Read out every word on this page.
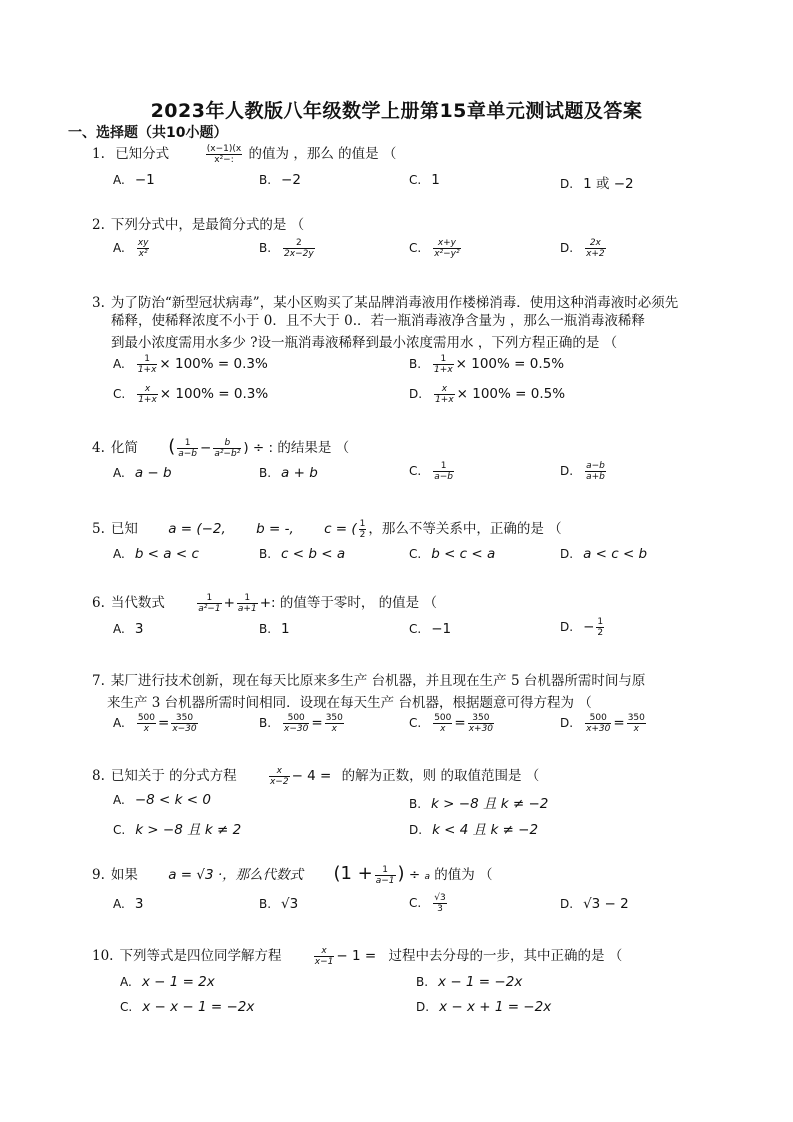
2023年人教版八年级数学上册第15章单元测试题及答案
一、选择题（共10小题）
1. 已知分式	$\frac{(x-1)(x}{\text{x²−:}}$ 的值为 ，那么 的值是 （
A. −1	B. −2	C. 1	D. 1 或 −2
2. 下列分式中，是最简分式的是 （
A. $\frac{xy}{\text{x²}}$	B. $\frac{2}{2x-2y}$	C. $\frac{x+y}{\text{x²−y²}}$	D. $\frac{2x}{x+2}$
3. 为了防治“新型冠状病毒”，某小区购买了某品牌消毒液用作楼梯消毒．使用这种消毒液时必须先
稀释，使稀释浓度不小于 0．且不大于 0.．若一瓶消毒液净含量为 ，那么一瓶消毒液稀释
到最小浓度需用水多少 ?设一瓶消毒液稀释到最小浓度需用水 ，下列方程正确的是 （
A. $\frac{1}{1+x} \times 100\% = 0.3\%$	B. $\frac{1}{1+x} \times 100\% = 0.5\%$
C. $\frac{x}{1+x} \times 100\% = 0.3\%$	D. $\frac{x}{1+x} \times 100\% = 0.5\%$
4. 化简 ( $\frac{1}{a-b} - \frac{b}{\text{a²−b²}}$ ) ÷ : 的结果是 （
A. a − b	B. a + b	C. $\frac{1}{a-b}$	D. $\frac{a-b}{a+b}$
5. 已知 a = (−2, b = -, c = ( $\frac{1}{2}$ ，那么不等关系中，正确的是 （
A. b < a < c	B. c < b < a	C. b < c < a	D. a < c < b
6. 当代数式	$\frac{1}{\text{a²−1}} + \frac{1}{a+1}$ +: 的值等于零时， 的值是 （
A. 3	B. 1	C. −1	D. − $\frac{1}{2}$
7. 某厂进行技术创新，现在每天比原来多生产 台机器，并且现在生产 5 台机器所需时间与原
来生产 3 台机器所需时间相同．设现在每天生产 台机器，根据题意可得方程为 （
A. $\frac{500}{x} = \frac{350}{x-30}$	B. $\frac{500}{x-30} = \frac{350}{x}$	C. $\frac{500}{x} = \frac{350}{x+30}$	D. $\frac{500}{x+30} = \frac{350}{x}$
8. 已知关于 的分式方程	$\frac{x}{x-2} - 4$ = 的解为正数，则 的取值范围是 （
A. −8 < k < 0	B. k > −8 且 k ≠ −2
C. k > −8 且 k ≠ 2	D. k < 4 且 k ≠ −2
9. 如果 a = √3 ·，那么代数式 ($1 + \frac{1}{a-1}$ ) ÷ a 的值为 （
A. 3	B. √3	C. $\frac{√3}{3}$	D. √3 − 2
10. 下列等式是四位同学解方程	$\frac{x}{x-1} - 1$ = 过程中去分母的一步，其中正确的是 （
A. x − 1 = 2x	B. x − 1 = −2x
C. x − x − 1 = −2x	D. x − x + 1 = −2x
